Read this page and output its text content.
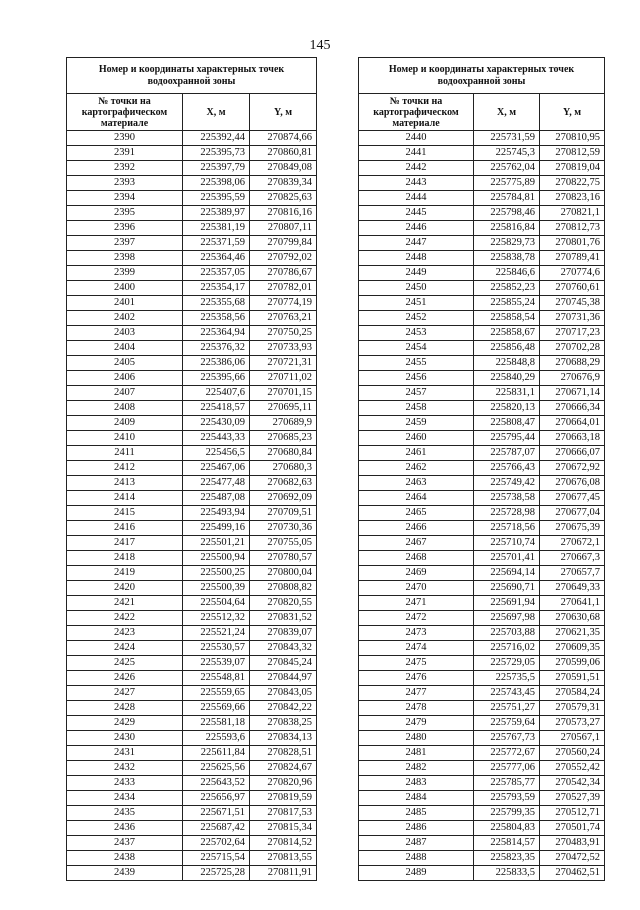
145
Номер и координаты характерных точек водоохранной зоны		
№ точки на картографическом материале	X, м	Y, м
2390	225392,44	270874,66
2391	225395,73	270860,81
2392	225397,79	270849,08
2393	225398,06	270839,34
2394	225395,59	270825,63
2395	225389,97	270816,16
2396	225381,19	270807,11
2397	225371,59	270799,84
2398	225364,46	270792,02
2399	225357,05	270786,67
2400	225354,17	270782,01
2401	225355,68	270774,19
2402	225358,56	270763,21
2403	225364,94	270750,25
2404	225376,32	270733,93
2405	225386,06	270721,31
2406	225395,66	270711,02
2407	225407,6	270701,15
2408	225418,57	270695,11
2409	225430,09	270689,9
2410	225443,33	270685,23
2411	225456,5	270680,84
2412	225467,06	270680,3
2413	225477,48	270682,63
2414	225487,08	270692,09
2415	225493,94	270709,51
2416	225499,16	270730,36
2417	225501,21	270755,05
2418	225500,94	270780,57
2419	225500,25	270800,04
2420	225500,39	270808,82
2421	225504,64	270820,55
2422	225512,32	270831,52
2423	225521,24	270839,07
2424	225530,57	270843,32
2425	225539,07	270845,24
2426	225548,81	270844,97
2427	225559,65	270843,05
2428	225569,66	270842,22
2429	225581,18	270838,25
2430	225593,6	270834,13
2431	225611,84	270828,51
2432	225625,56	270824,67
2433	225643,52	270820,96
2434	225656,97	270819,59
2435	225671,51	270817,53
2436	225687,42	270815,34
2437	225702,64	270814,52
2438	225715,54	270813,55
2439	225725,28	270811,91
Номер и координаты характерных точек водоохранной зоны		
№ точки на картографическом материале	X, м	Y, м
2440	225731,59	270810,95
2441	225745,3	270812,59
2442	225762,04	270819,04
2443	225775,89	270822,75
2444	225784,81	270823,16
2445	225798,46	270821,1
2446	225816,84	270812,73
2447	225829,73	270801,76
2448	225838,78	270789,41
2449	225846,6	270774,6
2450	225852,23	270760,61
2451	225855,24	270745,38
2452	225858,54	270731,36
2453	225858,67	270717,23
2454	225856,48	270702,28
2455	225848,8	270688,29
2456	225840,29	270676,9
2457	225831,1	270671,14
2458	225820,13	270666,34
2459	225808,47	270664,01
2460	225795,44	270663,18
2461	225787,07	270666,07
2462	225766,43	270672,92
2463	225749,42	270676,08
2464	225738,58	270677,45
2465	225728,98	270677,04
2466	225718,56	270675,39
2467	225710,74	270672,1
2468	225701,41	270667,3
2469	225694,14	270657,7
2470	225690,71	270649,33
2471	225691,94	270641,1
2472	225697,98	270630,68
2473	225703,88	270621,35
2474	225716,02	270609,35
2475	225729,05	270599,06
2476	225735,5	270591,51
2477	225743,45	270584,24
2478	225751,27	270579,31
2479	225759,64	270573,27
2480	225767,73	270567,1
2481	225772,67	270560,24
2482	225777,06	270552,42
2483	225785,77	270542,34
2484	225793,59	270527,39
2485	225799,35	270512,71
2486	225804,83	270501,74
2487	225814,57	270483,91
2488	225823,35	270472,52
2489	225833,5	270462,51
